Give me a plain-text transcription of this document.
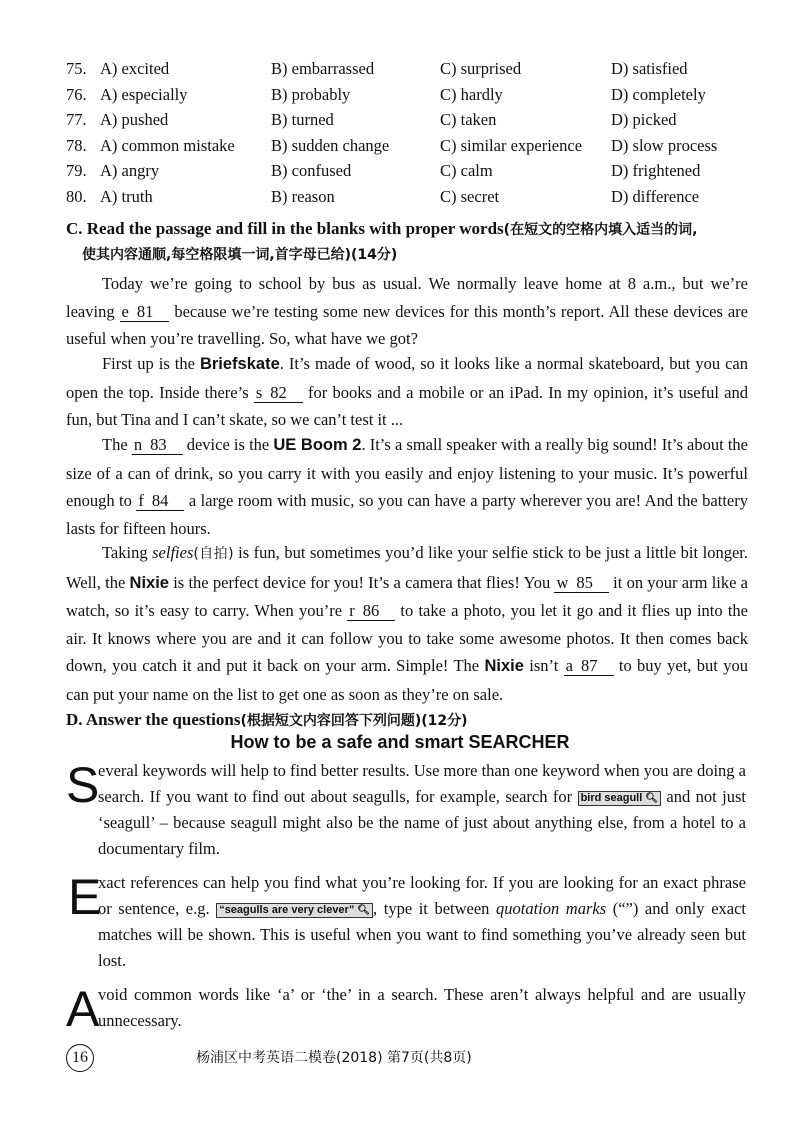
75. A) excited	B) embarrassed	C) surprised	D) satisfied
76. A) especially	B) probably	C) hardly	D) completely
77. A) pushed	B) turned	C) taken	D) picked
78. A) common mistake B) sudden change	C) similar experience D) slow process
79. A) angry	B) confused	C) calm	D) frightened
80. A) truth	B) reason	C) secret	D) difference
C. Read the passage and fill in the blanks with proper words(在短文的空格内填入适当的词,
使其内容通顺,每空格限填一词,首字母已给)(14分)
Today we’re going to school by bus as usual. We normally leave home at 8 a.m., but we’re leaving e 81 because we’re testing some new devices for this month’s report. All these devices are useful when you’re travelling. So, what have we got?
First up is the Briefskate. It’s made of wood, so it looks like a normal skateboard, but you can open the top. Inside there’s s 82 for books and a mobile or an iPad. In my opinion, it’s useful and fun, but Tina and I can’t skate, so we can’t test it ...
The n 83 device is the UE Boom 2. It’s a small speaker with a really big sound! It’s about the size of a can of drink, so you carry it with you easily and enjoy listening to your music. It’s powerful enough to f 84 a large room with music, so you can have a party wherever you are! And the battery lasts for fifteen hours.
Taking selfies(自拍) is fun, but sometimes you’d like your selfie stick to be just a little bit longer. Well, the Nixie is the perfect device for you! It’s a camera that flies! You w 85 it on your arm like a watch, so it’s easy to carry. When you’re r 86 to take a photo, you let it go and it flies up into the air. It knows where you are and it can follow you to take some awesome photos. It then comes back down, you catch it and put it back on your arm. Simple! The Nixie isn’t a 87 to buy yet, but you can put your name on the list to get one as soon as they’re on sale.
D. Answer the questions(根据短文内容回答下列问题)(12分)
How to be a safe and smart SEARCHER
S
everal keywords will help to find better results. Use more than one keyword when you are doing a search. If you want to find out about seagulls, for example, search for bird seagull 🔍︎ and not just ‘seagull’ – because seagull might also be the name of just about anything else, from a hotel to a documentary film.
E
xact references can help you find what you’re looking for. If you are looking for an exact phrase or sentence, e.g. “seagulls are very clever” 🔍︎ , type it between quotation marks (“”) and only exact matches will be shown. This is useful when you want to find something you’ve already seen but lost.
A
void common words like ‘a’ or ‘the’ in a search. These aren’t always helpful and are usually unnecessary.
16	杨浦区中考英语二模卷(2018) 第7页(共8页)
